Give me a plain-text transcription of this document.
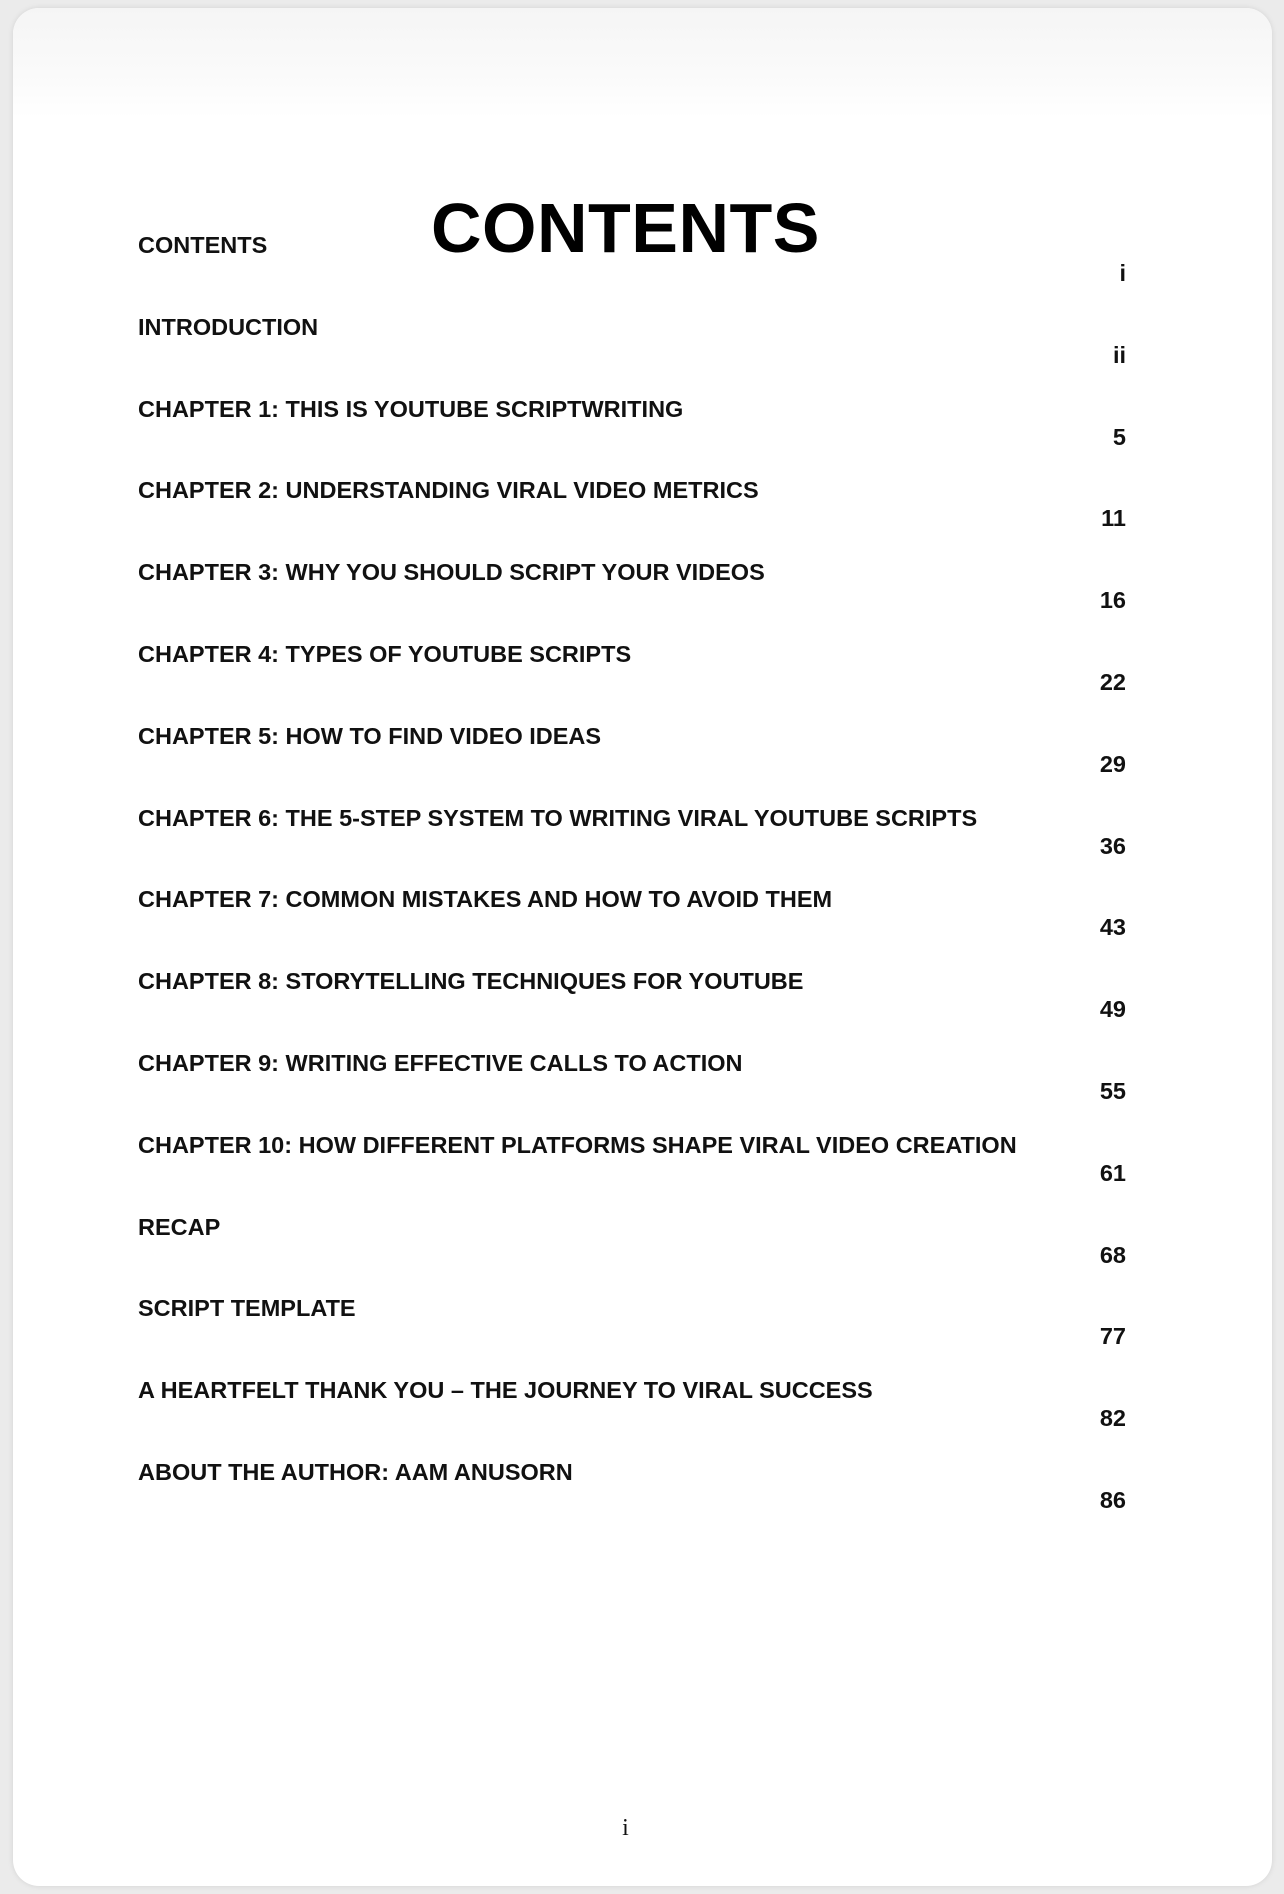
CONTENTS
CONTENTS
i
INTRODUCTION
ii
CHAPTER 1: THIS IS YOUTUBE SCRIPTWRITING
5
CHAPTER 2: UNDERSTANDING VIRAL VIDEO METRICS
11
CHAPTER 3: WHY YOU SHOULD SCRIPT YOUR VIDEOS
16
CHAPTER 4: TYPES OF YOUTUBE SCRIPTS
22
CHAPTER 5: HOW TO FIND VIDEO IDEAS
29
CHAPTER 6: THE 5-STEP SYSTEM TO WRITING VIRAL YOUTUBE SCRIPTS
36
CHAPTER 7: COMMON MISTAKES AND HOW TO AVOID THEM
43
CHAPTER 8: STORYTELLING TECHNIQUES FOR YOUTUBE
49
CHAPTER 9: WRITING EFFECTIVE CALLS TO ACTION
55
CHAPTER 10: HOW DIFFERENT PLATFORMS SHAPE VIRAL VIDEO CREATION
61
RECAP
68
SCRIPT TEMPLATE
77
A HEARTFELT THANK YOU – THE JOURNEY TO VIRAL SUCCESS
82
ABOUT THE AUTHOR: AAM ANUSORN
86
i
